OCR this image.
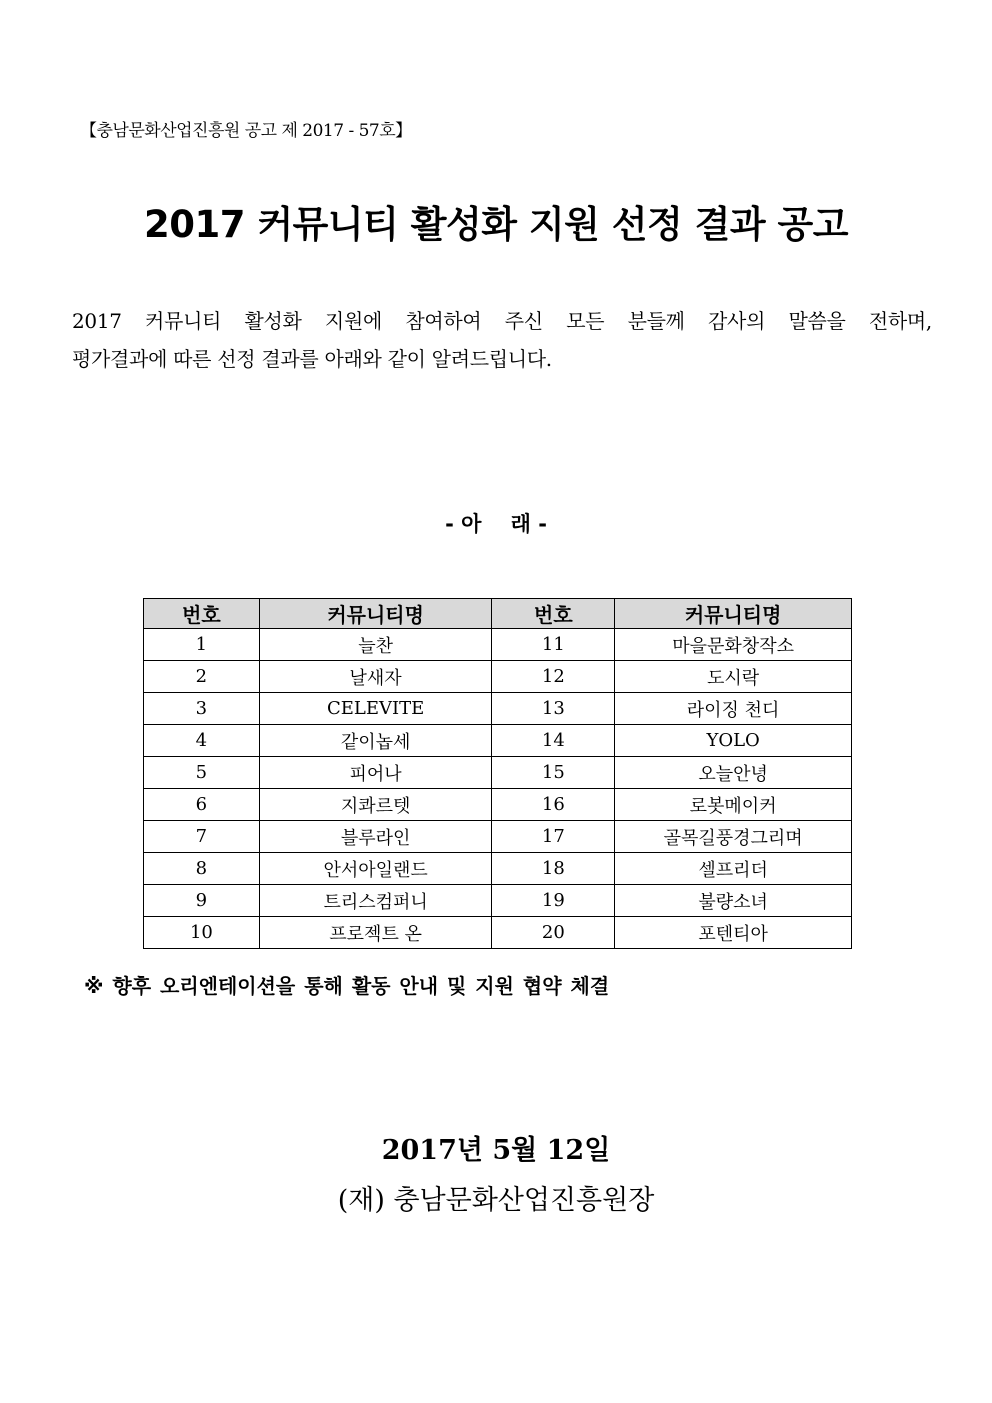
【충남문화산업진흥원 공고 제 2017 - 57호】
2017 커뮤니티 활성화 지원 선정 결과 공고

2017 커뮤니티 활성화 지원에 참여하여 주신 모든 분들께 감사의 말씀을 전하며,

평가결과에 따른 선정 결과를 아래와 같이 알려드립니다.

- 아    래 -
번호	커뮤니티명	번호	커뮤니티명
1	늘찬	11	마을문화창작소
2	날새자	12	도시락
3	CELEVITE	13	라이징 천디
4	같이놉세	14	YOLO
5	피어나	15	오늘안녕
6	지콰르텟	16	로봇메이커
7	블루라인	17	골목길풍경그리며
8	안서아일랜드	18	셀프리더
9	트리스컴퍼니	19	불량소녀
10	프로젝트 온	20	포텐티아
※ 향후 오리엔테이션을 통해 활동 안내 및 지원 협약 체결
2017년 5월 12일
(재) 충남문화산업진흥원장
